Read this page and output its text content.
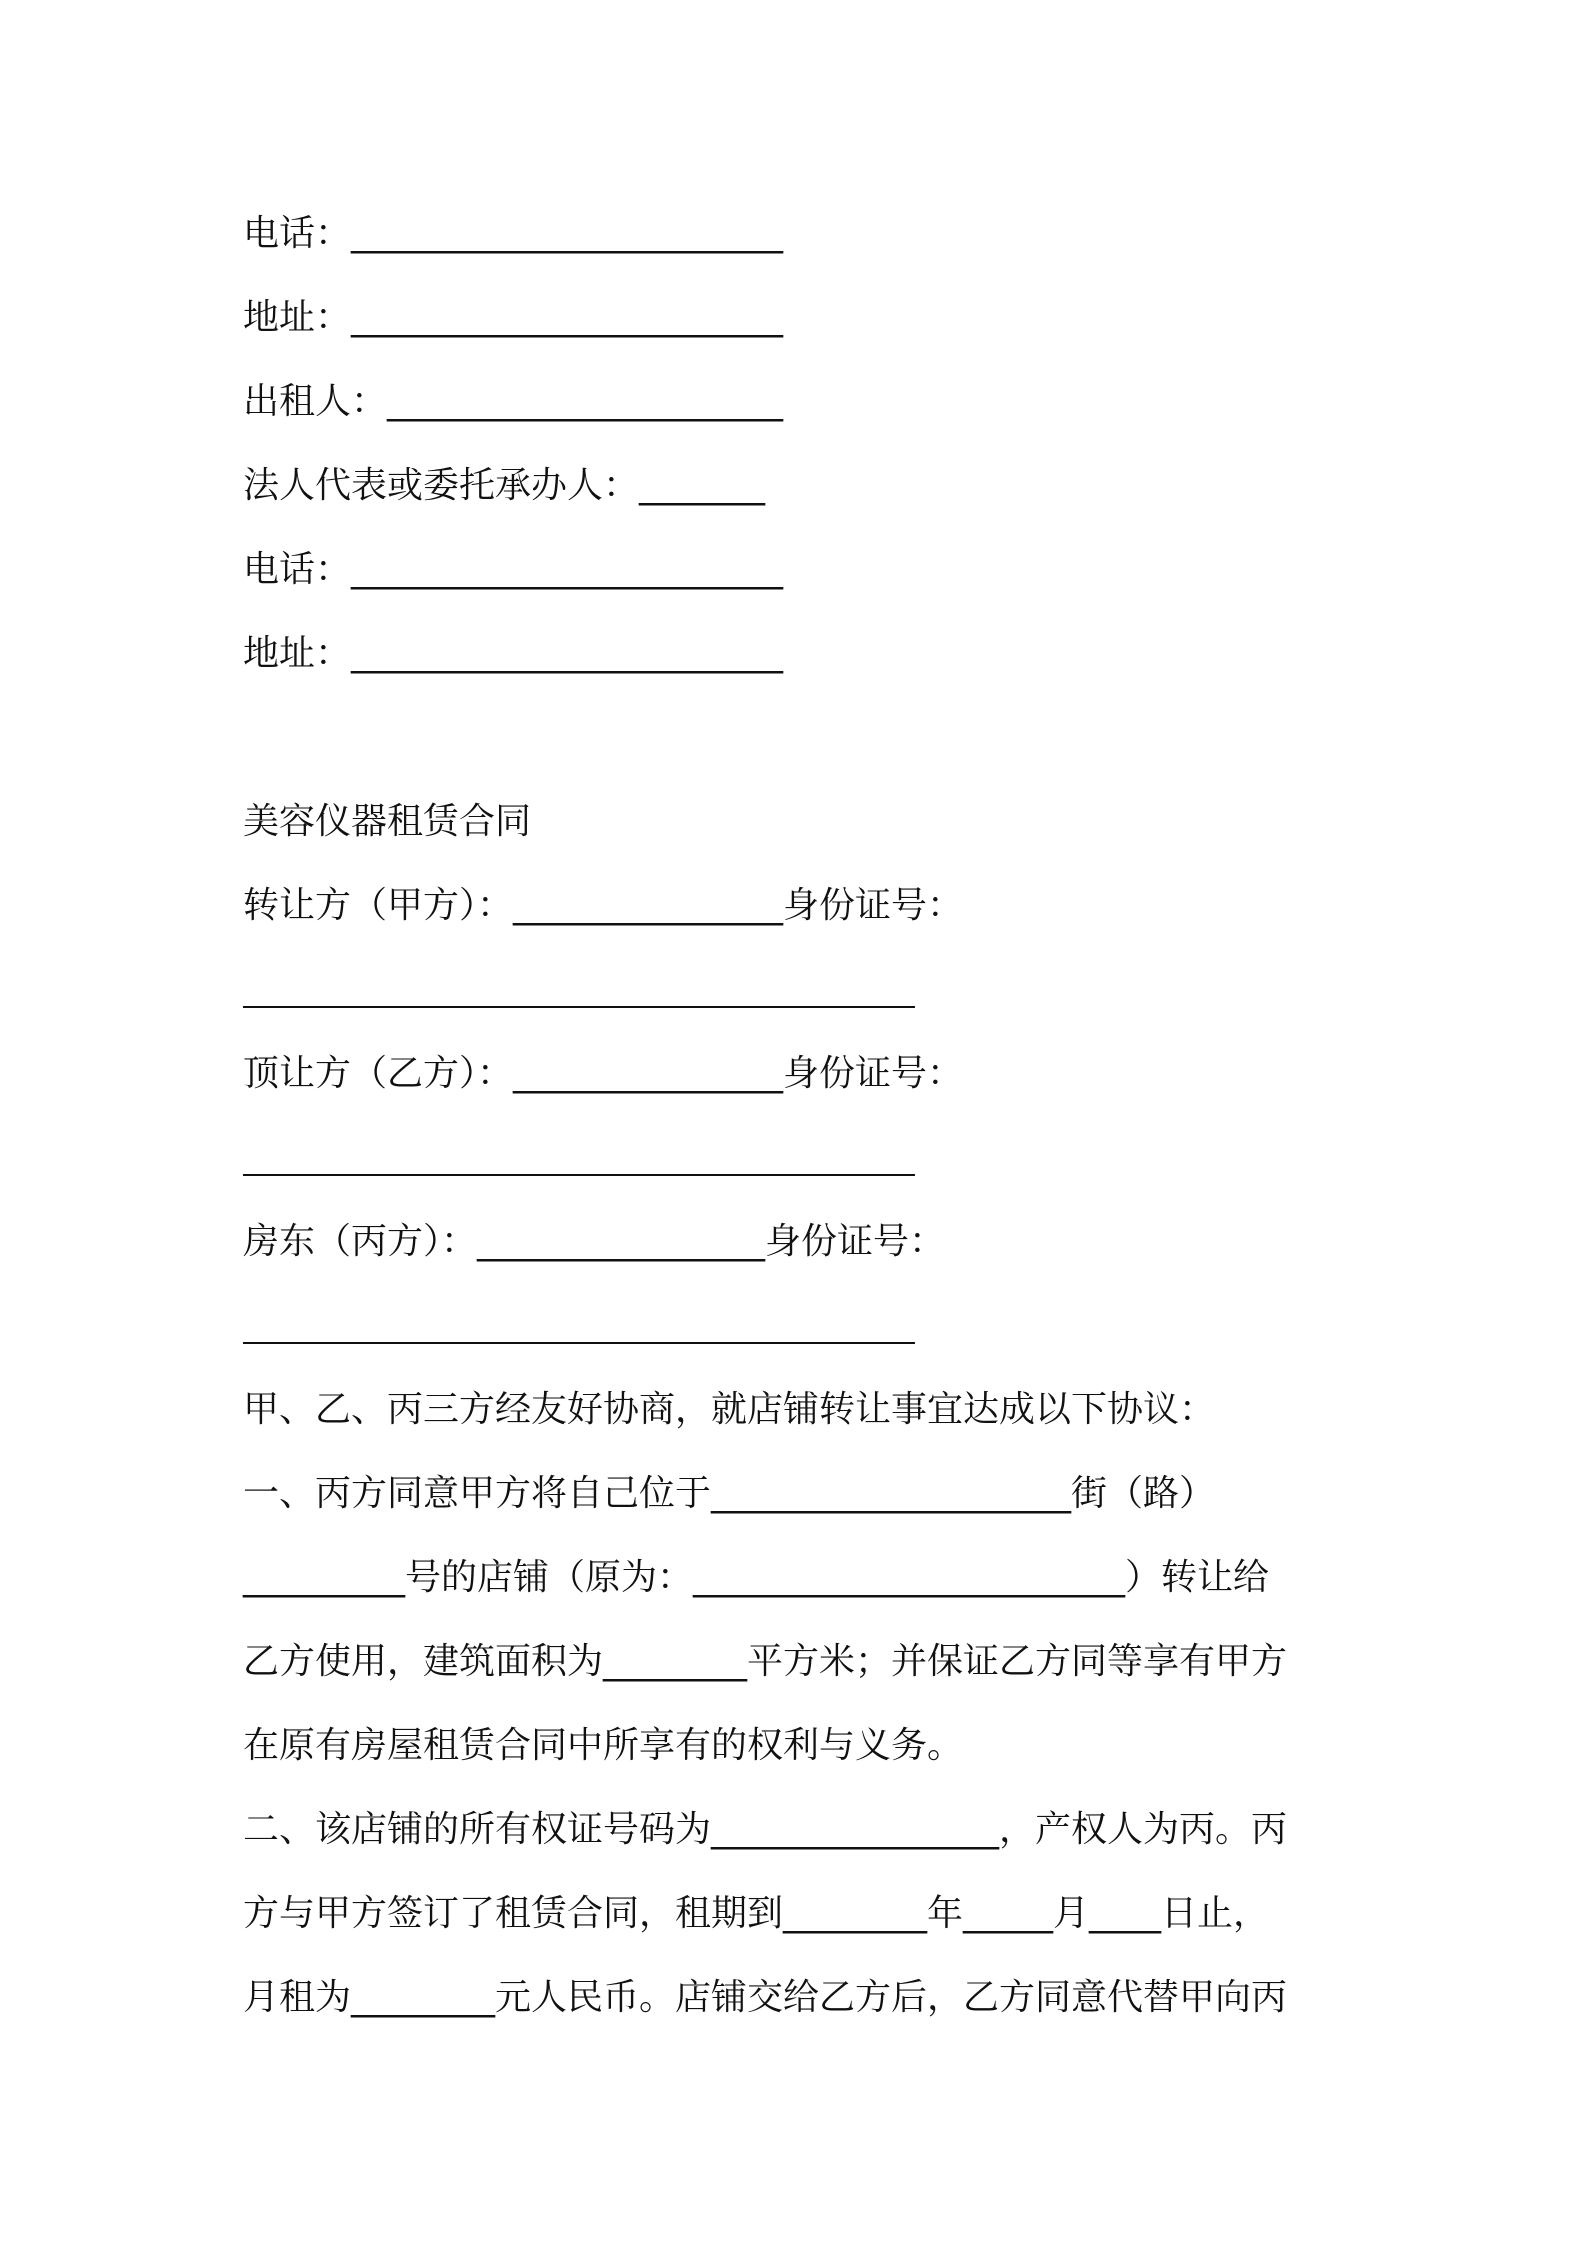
电话：________________________
地址：________________________
出租人：______________________
法人代表或委托承办人：_______
电话：________________________
地址：________________________
美容仪器租赁合同
转让方（甲方）：_______________身份证号：
顶让方（乙方）：_______________身份证号：
房东（丙方）：________________身份证号：
甲、乙、丙三方经友好协商，就店铺转让事宜达成以下协议：
一、丙方同意甲方将自己位于____________________街（路）
_________号的店铺（原为：________________________）转让给
乙方使用，建筑面积为________平方米；并保证乙方同等享有甲方
在原有房屋租赁合同中所享有的权利与义务。
二、该店铺的所有权证号码为________________，产权人为丙。丙
方与甲方签订了租赁合同，租期到________年_____月____日止，
月租为________元人民币。店铺交给乙方后，乙方同意代替甲向丙
